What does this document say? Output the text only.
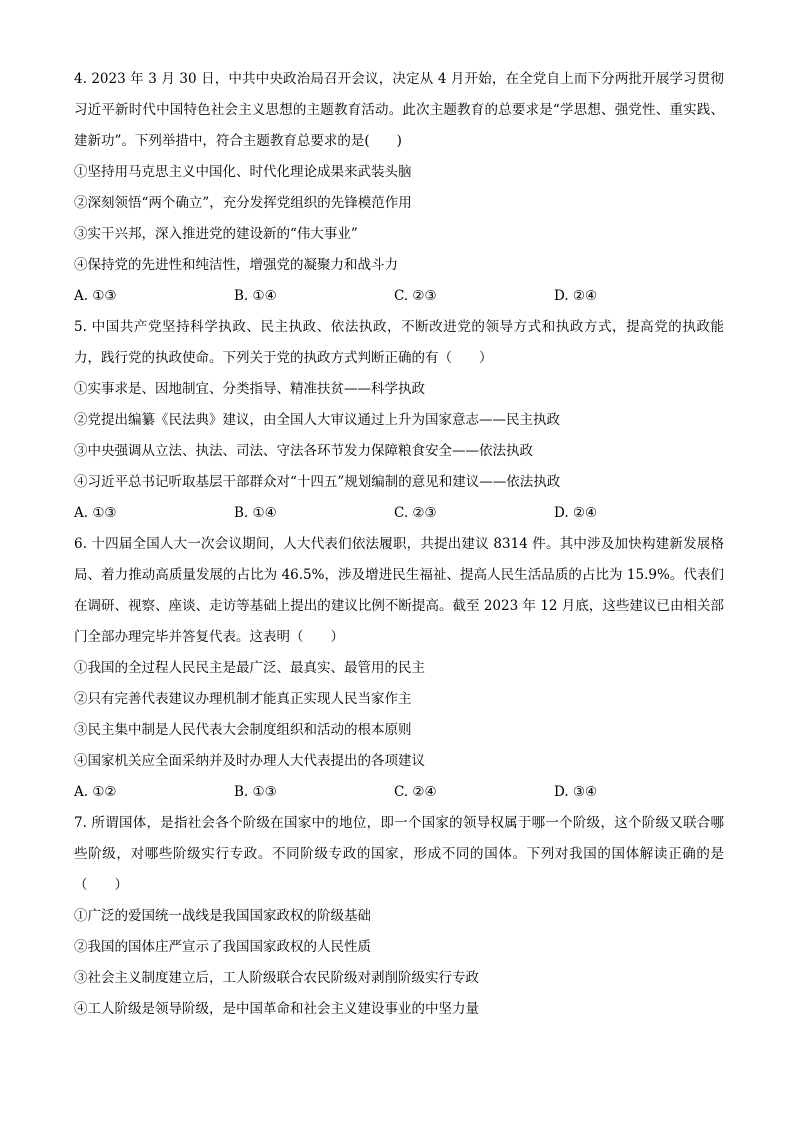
4. 2023 年 3 月 30 日，中共中央政治局召开会议，决定从 4 月开始，在全党自上而下分两批开展学习贯彻习近平新时代中国特色社会主义思想的主题教育活动。此次主题教育的总要求是“学思想、强党性、重实践、建新功”。下列举措中，符合主题教育总要求的是(　　)

①坚持用马克思主义中国化、时代化理论成果来武装头脑

②深刻领悟“两个确立”，充分发挥党组织的先锋模范作用

③实干兴邦，深入推进党的建设新的“伟大事业”

④保持党的先进性和纯洁性，增强党的凝聚力和战斗力

A. ①③	B. ①④	C. ②③	D. ②④

5. 中国共产党坚持科学执政、民主执政、依法执政，不断改进党的领导方式和执政方式，提高党的执政能力，践行党的执政使命。下列关于党的执政方式判断正确的有（　　）

①实事求是、因地制宜、分类指导、精准扶贫——科学执政

②党提出编纂《民法典》建议，由全国人大审议通过上升为国家意志——民主执政

③中央强调从立法、执法、司法、守法各环节发力保障粮食安全——依法执政

④习近平总书记听取基层干部群众对“十四五”规划编制的意见和建议——依法执政

A. ①③	B. ①④	C. ②③	D. ②④

6. 十四届全国人大一次会议期间，人大代表们依法履职，共提出建议 8314 件。其中涉及加快构建新发展格局、着力推动高质量发展的占比为 46.5%，涉及增进民生福祉、提高人民生活品质的占比为 15.9%。代表们在调研、视察、座谈、走访等基础上提出的建议比例不断提高。截至 2023 年 12 月底，这些建议已由相关部门全部办理完毕并答复代表。这表明（　　）

①我国的全过程人民民主是最广泛、最真实、最管用的民主

②只有完善代表建议办理机制才能真正实现人民当家作主

③民主集中制是人民代表大会制度组织和活动的根本原则

④国家机关应全面采纳并及时办理人大代表提出的各项建议

A. ①②	B. ①③	C. ②④	D. ③④

7. 所谓国体，是指社会各个阶级在国家中的地位，即一个国家的领导权属于哪一个阶级，这个阶级又联合哪些阶级，对哪些阶级实行专政。不同阶级专政的国家，形成不同的国体。下列对我国的国体解读正确的是（　　）

①广泛的爱国统一战线是我国国家政权的阶级基础

②我国的国体庄严宣示了我国国家政权的人民性质

③社会主义制度建立后，工人阶级联合农民阶级对剥削阶级实行专政

④工人阶级是领导阶级，是中国革命和社会主义建设事业的中坚力量
